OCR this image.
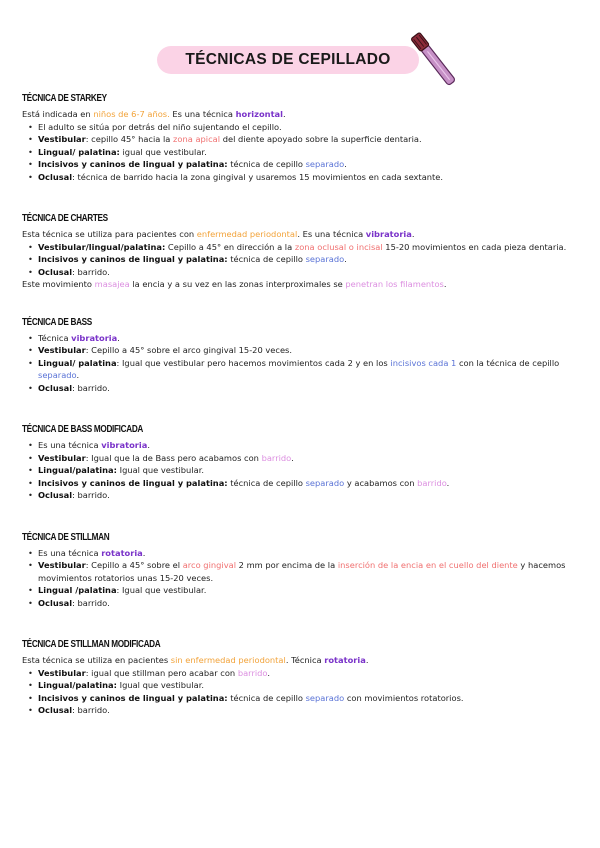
TÉCNICAS DE CEPILLADO
TÉCNICA DE STARKEY

Está indicada en niños de 6-7 años. Es una técnica horizontal.

• El adulto se sitúa por detrás del niño sujentando el cepillo.
• Vestibular: cepillo 45° hacia la zona apical del diente apoyado sobre la superficie dentaria.
• Lingual/ palatina: igual que vestibular.
• Incisivos y caninos de lingual y palatina: técnica de cepillo separado.
• Oclusal: técnica de barrido hacia la zona gingival y usaremos 15 movimientos en cada sextante.
TÉCNICA DE CHARTES

Esta técnica se utiliza para pacientes con enfermedad periodontal. Es una técnica vibratoria.

• Vestibular/lingual/palatina: Cepillo a 45° en dirección a la zona oclusal o incisal 15-20 movimientos en cada pieza dentaria.
• Incisivos y caninos de lingual y palatina: técnica de cepillo separado.
• Oclusal: barrido.

Este movimiento masajea la encia y a su vez en las zonas interproximales se penetran los filamentos.

TÉCNICA DE BASS
• Técnica vibratoria.
• Vestibular: Cepillo a 45° sobre el arco gingival 15-20 veces.
• Lingual/ palatina: Igual que vestibular pero hacemos movimientos cada 2 y en los incisivos cada 1 con la técnica de cepillo separado.
• Oclusal: barrido.
TÉCNICA DE BASS MODIFICADA
• Es una técnica vibratoria.
• Vestibular: Igual que la de Bass pero acabamos con barrido.
• Lingual/palatina: Igual que vestibular.
• Incisivos y caninos de lingual y palatina: técnica de cepillo separado y acabamos con barrido.
• Oclusal: barrido.
TÉCNICA DE STILLMAN
• Es una técnica rotatoria.
• Vestibular: Cepillo a 45° sobre el arco gingival 2 mm por encima de la inserción de la encia en el cuello del diente y hacemos movimientos rotatorios unas 15-20 veces.
• Lingual /palatina: Igual que vestibular.
• Oclusal: barrido.
TÉCNICA DE STILLMAN MODIFICADA

Esta técnica se utiliza en pacientes sin enfermedad periodontal. Técnica rotatoria.

• Vestibular: igual que stillman pero acabar con barrido.
• Lingual/palatina: Igual que vestibular.
• Incisivos y caninos de lingual y palatina: técnica de cepillo separado con movimientos rotatorios.
• Oclusal: barrido.
